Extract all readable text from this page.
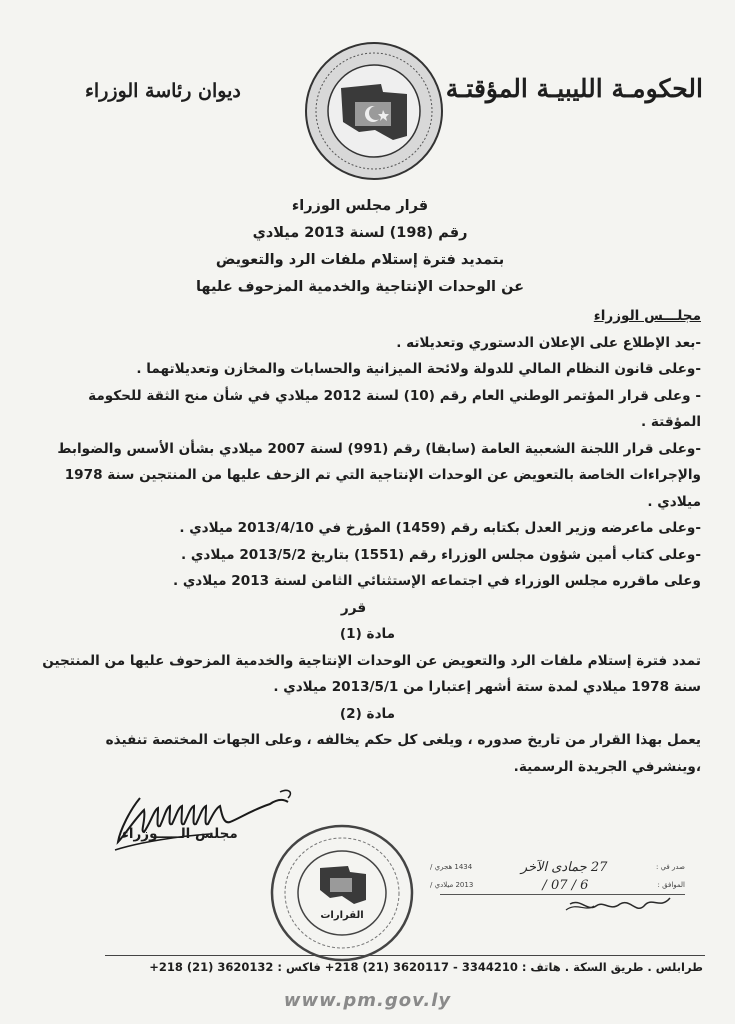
الحكومـة الليبيـة المؤقتـة
ديوان رئاسة الوزراء
قرار مجلس الوزراء
رقم (198) لسنة 2013 ميلادي
بتمديد فترة إستلام ملفات الرد والتعويض
عن الوحدات الإنتاجية والخدمية المزحوف عليها

مجلـــس الوزراء

-بعد الإطلاع على الإعلان الدستوري وتعديلاته .

-وعلى قانون النظام المالي للدولة ولائحة الميزانية والحسابات والمخازن وتعديلاتهما .

- وعلى قرار المؤتمر الوطني العام رقم (10) لسنة 2012 ميلادي في شأن منح الثقة للحكومة المؤقتة .

-وعلى قرار اللجنة الشعبية العامة (سابقا) رقم (991) لسنة 2007 ميلادي بشأن الأسس والضوابط والإجراءات الخاصة بالتعويض عن الوحدات الإنتاجية التي تم الزحف عليها من المنتجين سنة 1978 ميلادي .

-وعلى ماعرضه وزير العدل بكتابه رقم (1459) المؤرخ في 2013/4/10 ميلادي .

-وعلى كتاب أمين شؤون مجلس الوزراء رقم (1551) بتاريخ 2013/5/2 ميلادي .

وعلى ماقرره مجلس الوزراء في اجتماعه الإستثنائي الثامن لسنة 2013 ميلادي .

قرر

مادة (1)

تمدد فترة إستلام ملفات الرد والتعويض عن الوحدات الإنتاجية والخدمية المزحوف عليها من المنتجين سنة 1978 ميلادي لمدة ستة أشهر إعتبارا من 2013/5/1 ميلادي .

مادة (2)

يعمل بهذا القرار من تاريخ صدوره ، ويلغى كل حكم يخالفه ، وعلى الجهات المختصة تنفيذه ،وينشرفي الجريدة الرسمية.

مجلس الـــــوزراء
القرارات
صدر في :
27 جمادى الآخر
1434 هجري /
الموافق :
6 / 07 /
2013 ميلادي /
طرابلس . طريق السكة . هاتف : 3344210 - 3620117 (21) 218+ فاكس : 3620132 (21) 218+
www.pm.gov.ly
